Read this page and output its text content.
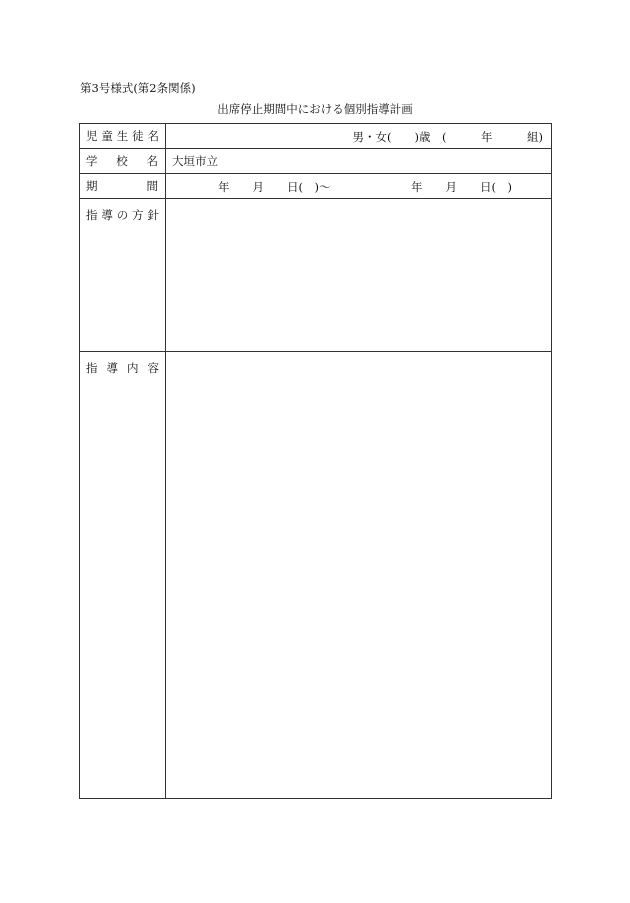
第3号様式(第2条関係)
出席停止期間中における個別指導計画
児 童 生 徒 名	男・女(　　)歳　(　　　年　　　組)

学 校 名	大垣市立

期 間	年　　月　　日(　)～　　　　　　　年　　月　　日(　)

指 導 の 方 針	

指 導 内 容	
